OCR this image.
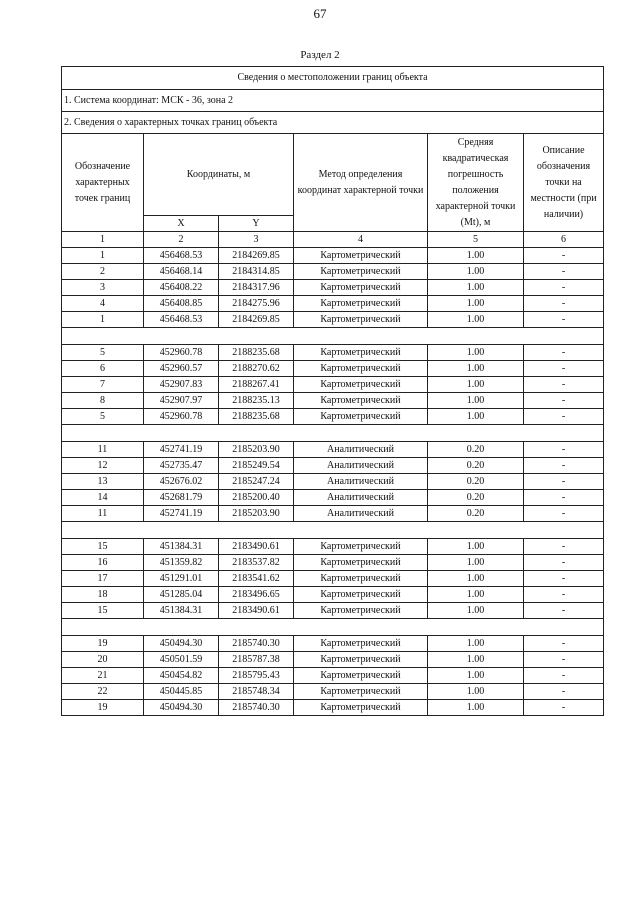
67
Раздел 2
Сведения о местоположении границ объекта					
1. Система координат: МСК - 36, зона 2					
2. Сведения о характерных точках границ объекта					
Обозначение характерных точек границ	Координаты, м		Метод определения координат характерной точки	Средняя квадратическая погрешность положения характерной точки (Mt), м	Описание обозначения точки на местности (при наличии)
	X	Y			
1	2	3	4	5	6
1	456468.53	2184269.85	Картометрический	1.00	-
2	456468.14	2184314.85	Картометрический	1.00	-
3	456408.22	2184317.96	Картометрический	1.00	-
4	456408.85	2184275.96	Картометрический	1.00	-
1	456468.53	2184269.85	Картометрический	1.00	-

5	452960.78	2188235.68	Картометрический	1.00	-
6	452960.57	2188270.62	Картометрический	1.00	-
7	452907.83	2188267.41	Картометрический	1.00	-
8	452907.97	2188235.13	Картометрический	1.00	-
5	452960.78	2188235.68	Картометрический	1.00	-

11	452741.19	2185203.90	Аналитический	0.20	-
12	452735.47	2185249.54	Аналитический	0.20	-
13	452676.02	2185247.24	Аналитический	0.20	-
14	452681.79	2185200.40	Аналитический	0.20	-
11	452741.19	2185203.90	Аналитический	0.20	-

15	451384.31	2183490.61	Картометрический	1.00	-
16	451359.82	2183537.82	Картометрический	1.00	-
17	451291.01	2183541.62	Картометрический	1.00	-
18	451285.04	2183496.65	Картометрический	1.00	-
15	451384.31	2183490.61	Картометрический	1.00	-

19	450494.30	2185740.30	Картометрический	1.00	-
20	450501.59	2185787.38	Картометрический	1.00	-
21	450454.82	2185795.43	Картометрический	1.00	-
22	450445.85	2185748.34	Картометрический	1.00	-
19	450494.30	2185740.30	Картометрический	1.00	-
